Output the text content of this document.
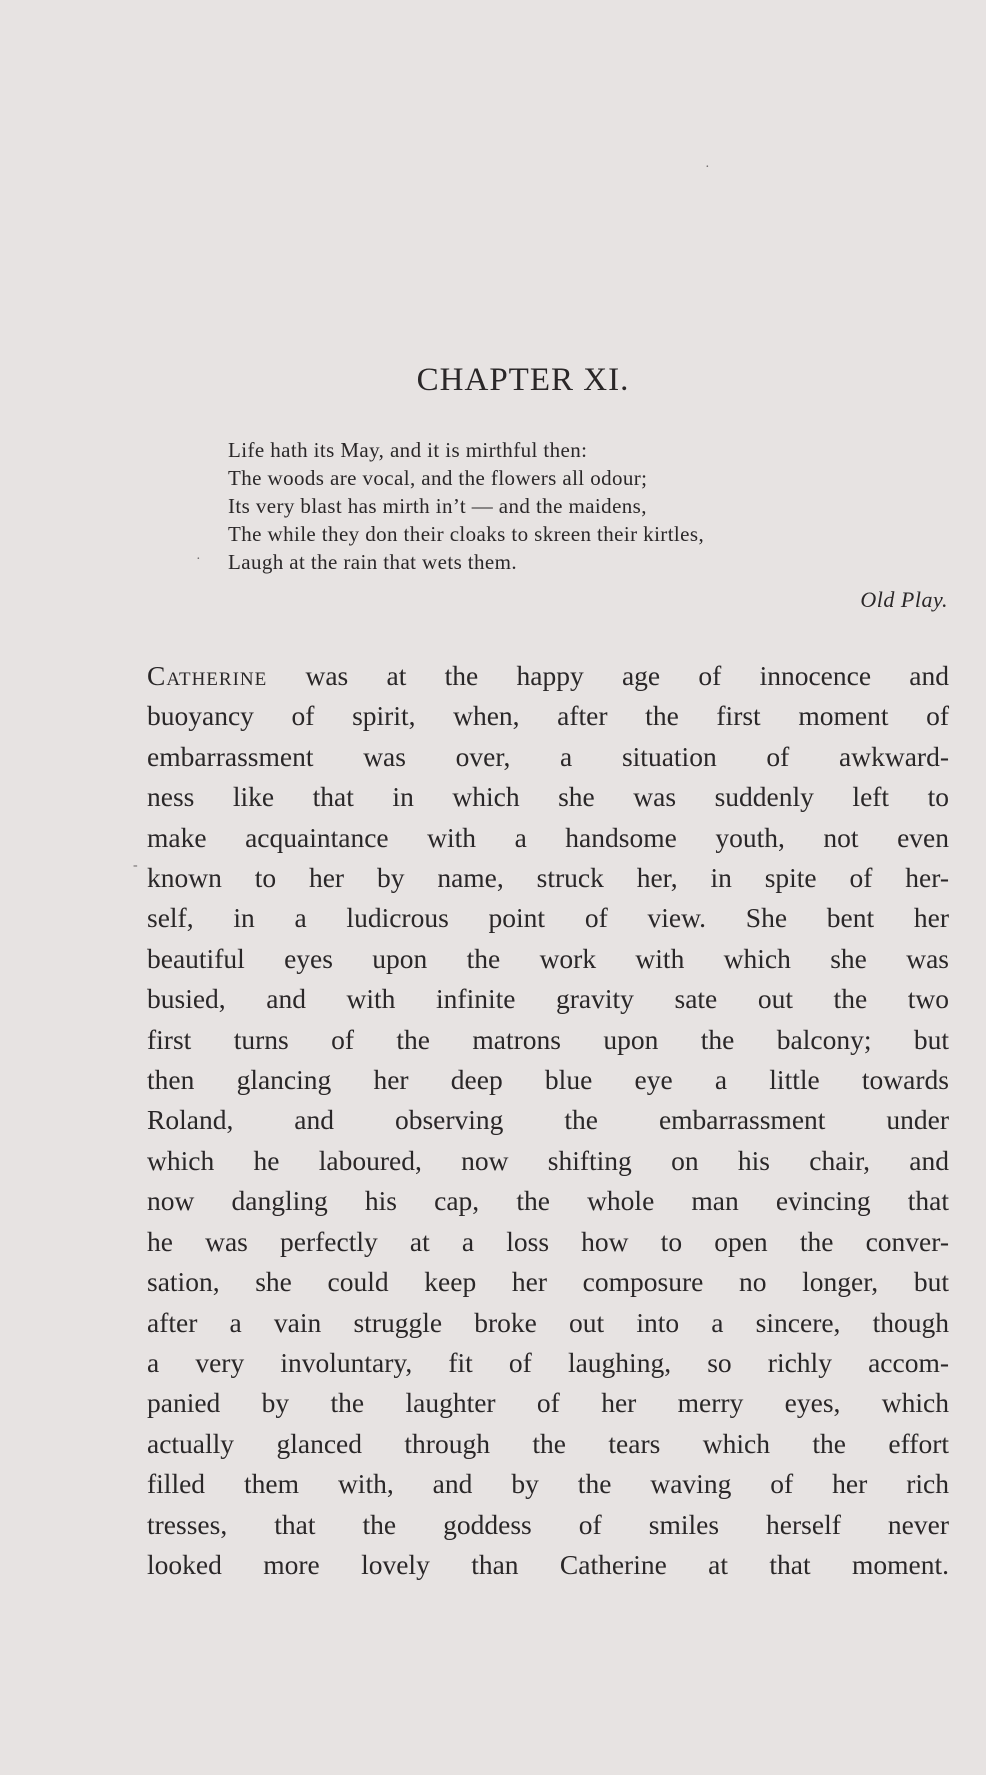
·
·
-
CHAPTER XI.
Life hath its May, and it is mirthful then:
The woods are vocal, and the flowers all odour;
Its very blast has mirth in’t — and the maidens,
The while they don their cloaks to skreen their kirtles,
Laugh at the rain that wets them.
Old Play.
Catherine was at the happy age of innocence and
buoyancy of spirit, when, after the first moment of
embarrassment was over, a situation of awkward-
ness like that in which she was suddenly left to
make acquaintance with a handsome youth, not even
known to her by name, struck her, in spite of her-
self, in a ludicrous point of view. She bent her
beautiful eyes upon the work with which she was
busied, and with infinite gravity sate out the two
first turns of the matrons upon the balcony; but
then glancing her deep blue eye a little towards
Roland, and observing the embarrassment under
which he laboured, now shifting on his chair, and
now dangling his cap, the whole man evincing that
he was perfectly at a loss how to open the conver-
sation, she could keep her composure no longer, but
after a vain struggle broke out into a sincere, though
a very involuntary, fit of laughing, so richly accom-
panied by the laughter of her merry eyes, which
actually glanced through the tears which the effort
filled them with, and by the waving of her rich
tresses, that the goddess of smiles herself never
looked more lovely than Catherine at that moment.
